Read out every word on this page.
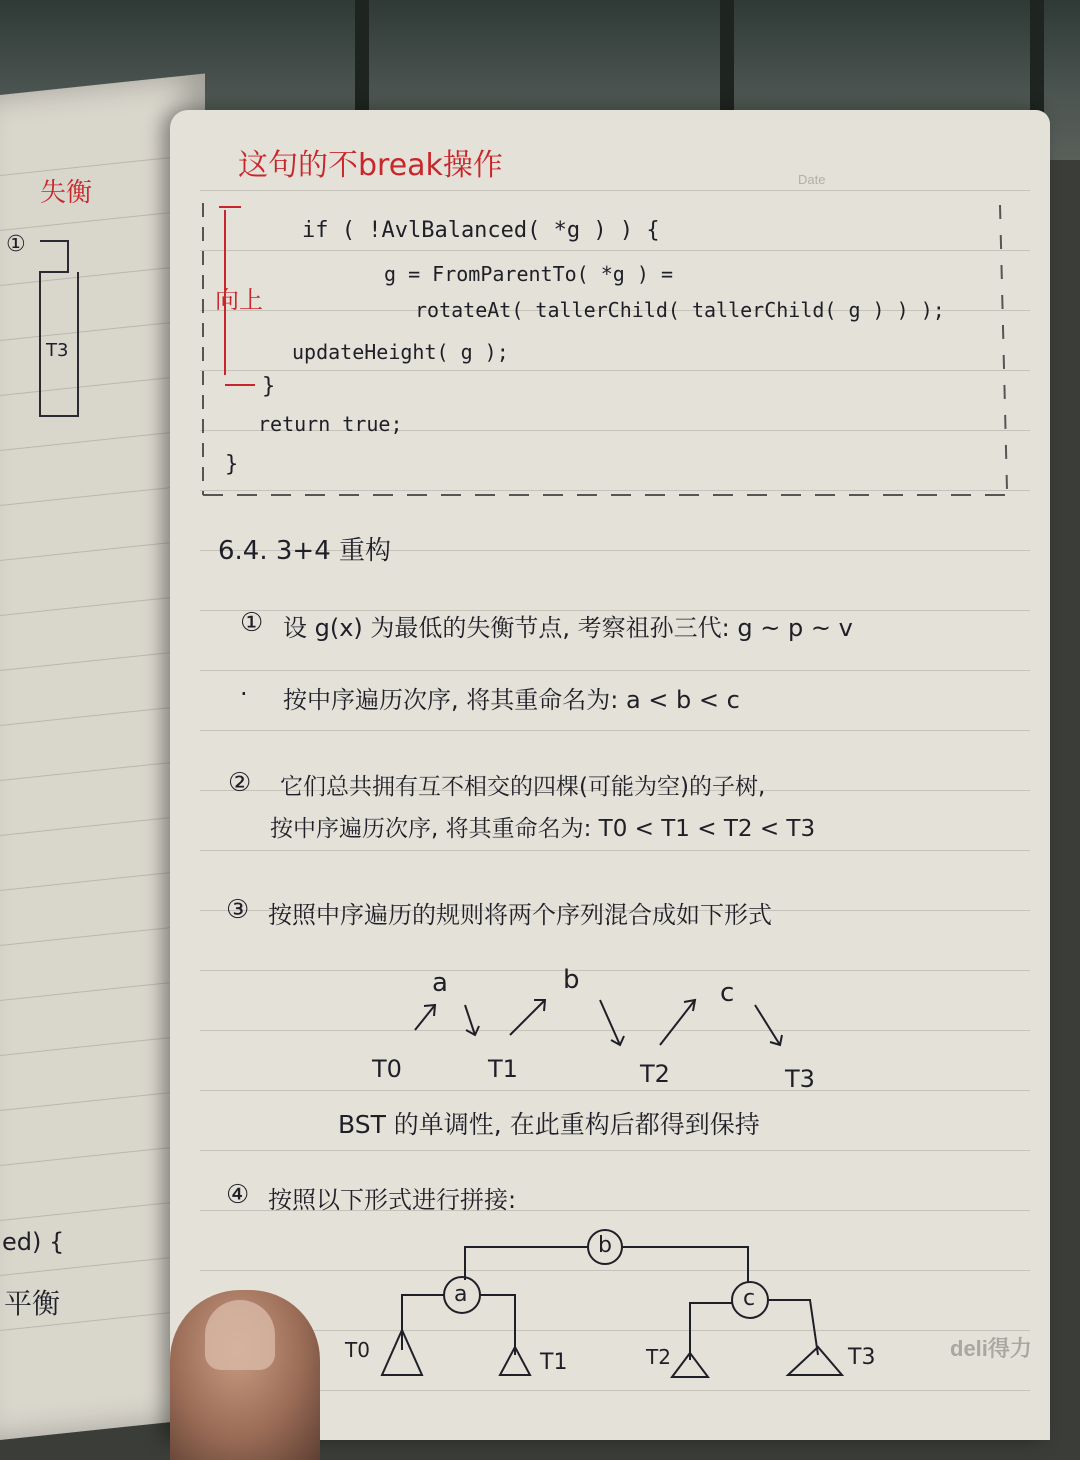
失衡
①
T3
ed) {
平衡
Date
deli得力
这句的不break操作
向上
if ( !AvlBalanced( *g ) ) {
g = FromParentTo( *g ) =
rotateAt( tallerChild( tallerChild( g ) ) );
updateHeight( g );
}
return true;
}
6.4. 3+4 重构
① 设 g(x) 为最低的失衡节点, 考察祖孙三代: g ~ p ~ v
· 按中序遍历次序, 将其重命名为: a < b < c
② 它们总共拥有互不相交的四棵(可能为空)的子树,
按中序遍历次序, 将其重命名为: T0 < T1 < T2 < T3
③ 按照中序遍历的规则将两个序列混合成如下形式
a	b	c
T0	T1	T2	T3
BST 的单调性, 在此重构后都得到保持
④ 按照以下形式进行拼接:
b
a	c
T0	T1	T2	T3
